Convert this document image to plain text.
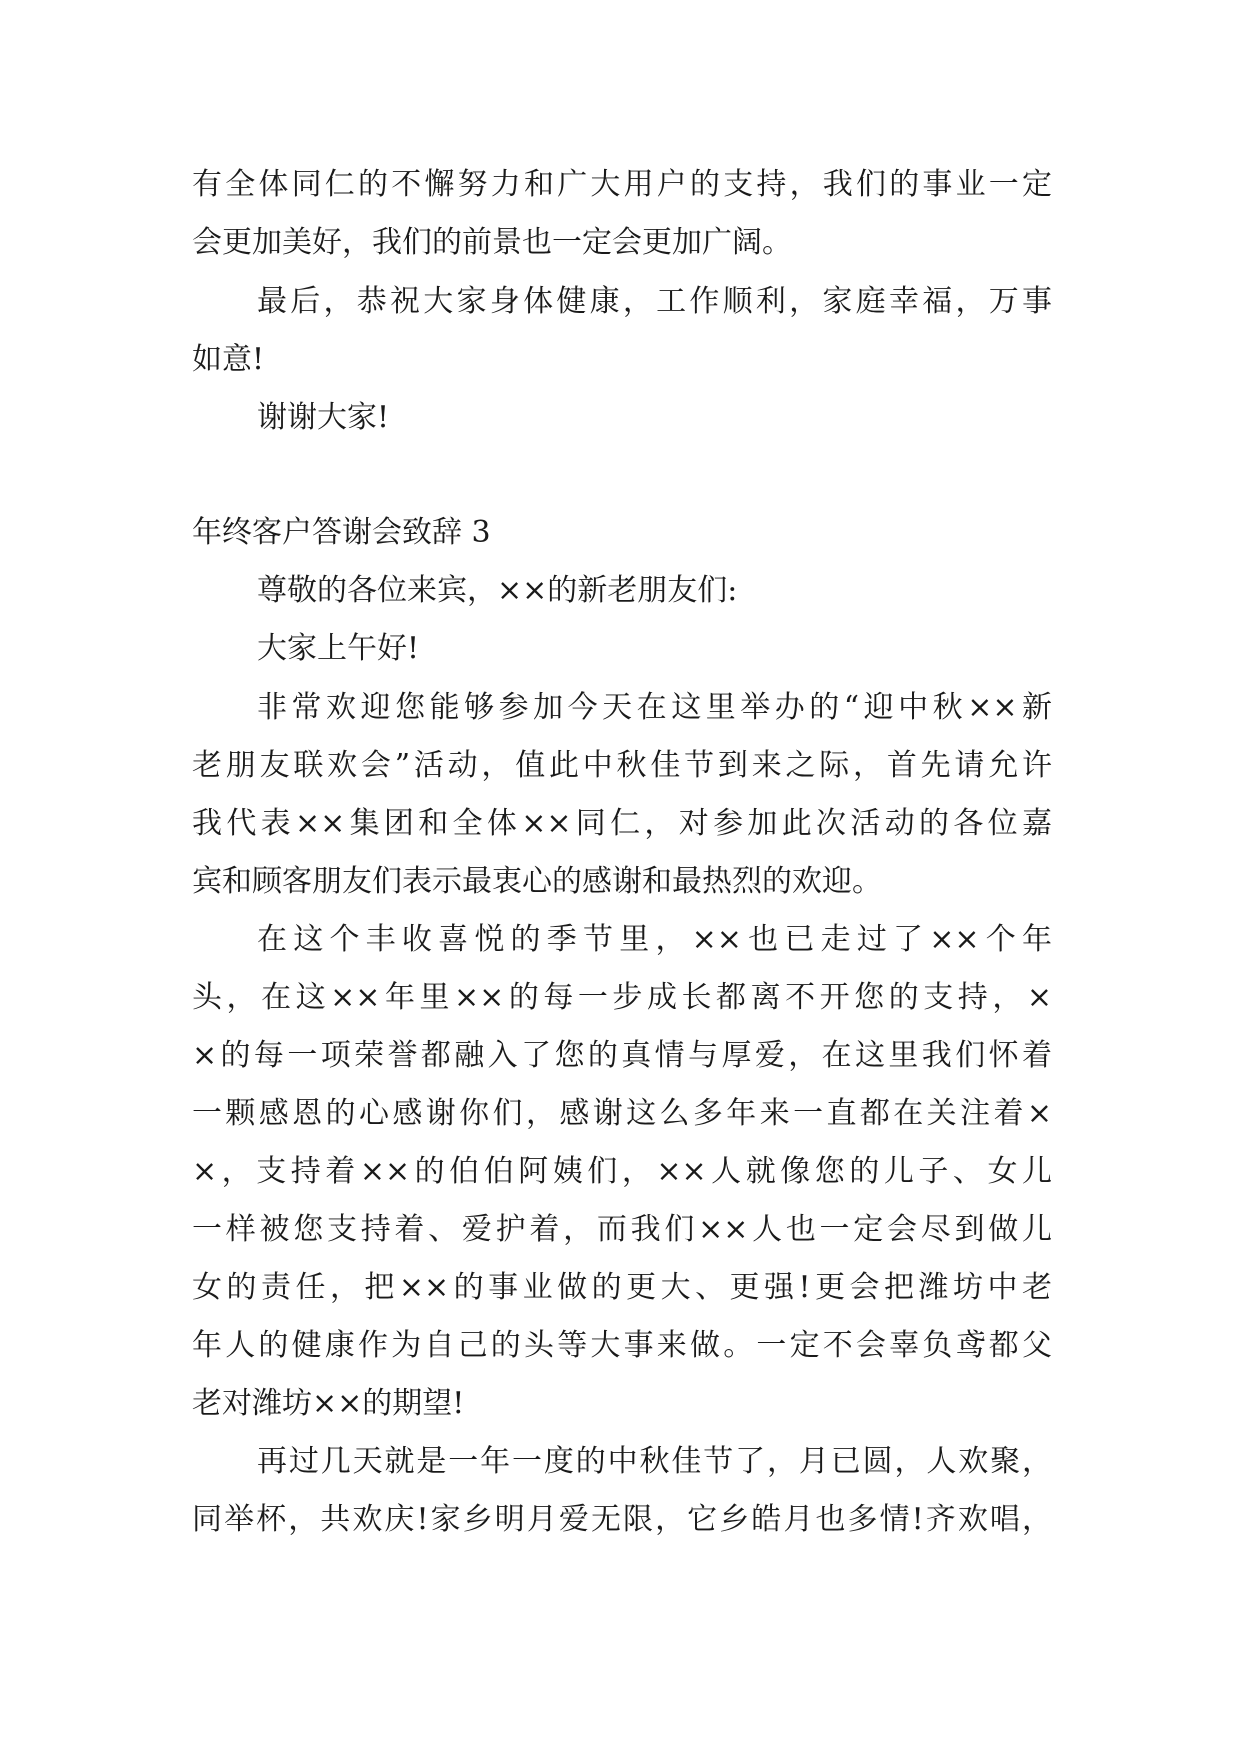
有全体同仁的不懈努力和广大用户的支持，我们的事业一定
会更加美好，我们的前景也一定会更加广阔。
最后，恭祝大家身体健康，工作顺利，家庭幸福，万事
如意!
谢谢大家!
年终客户答谢会致辞 3
尊敬的各位来宾，××的新老朋友们:
大家上午好!
非常欢迎您能够参加今天在这里举办的“迎中秋××新
老朋友联欢会”活动，值此中秋佳节到来之际，首先请允许
我代表××集团和全体××同仁，对参加此次活动的各位嘉
宾和顾客朋友们表示最衷心的感谢和最热烈的欢迎。
在这个丰收喜悦的季节里，××也已走过了××个年
头，在这××年里××的每一步成长都离不开您的支持，×
×的每一项荣誉都融入了您的真情与厚爱，在这里我们怀着
一颗感恩的心感谢你们，感谢这么多年来一直都在关注着×
×，支持着××的伯伯阿姨们，××人就像您的儿子、女儿
一样被您支持着、爱护着，而我们××人也一定会尽到做儿
女的责任，把××的事业做的更大、更强!更会把潍坊中老
年人的健康作为自己的头等大事来做。一定不会辜负鸢都父
老对潍坊××的期望!
再过几天就是一年一度的中秋佳节了，月已圆，人欢聚，
同举杯，共欢庆!家乡明月爱无限，它乡皓月也多情!齐欢唱，
